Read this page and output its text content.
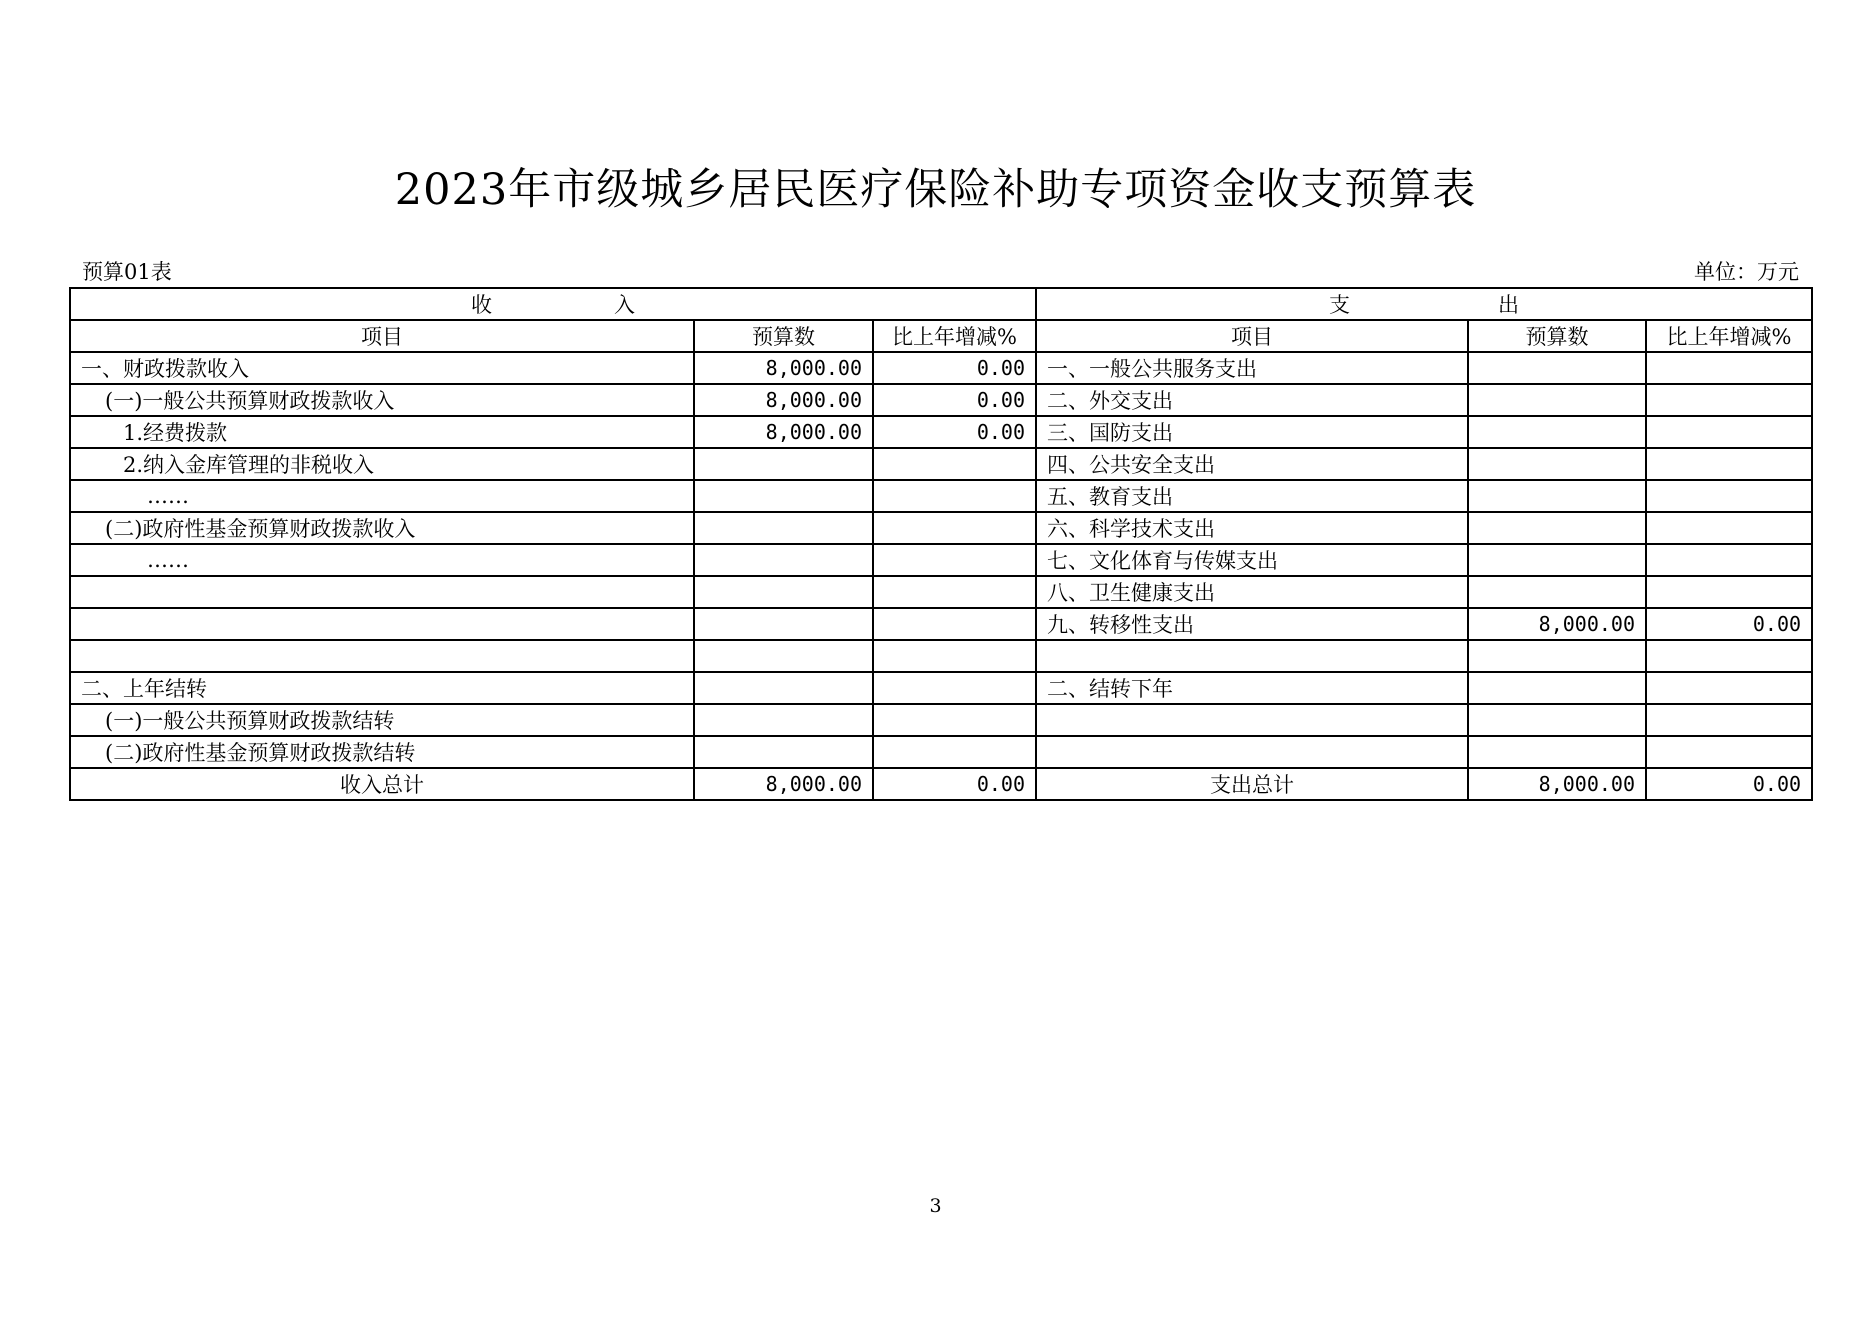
2023年市级城乡居民医疗保险补助专项资金收支预算表
预算01表	单位：万元
收 入			支 出		
项目	预算数	比上年增减%	项目	预算数	比上年增减%
一、财政拨款收入	8,000.00	0.00	一、一般公共服务支出		
(一)一般公共预算财政拨款收入	8,000.00	0.00	二、外交支出		
1.经费拨款	8,000.00	0.00	三、国防支出		
2.纳入金库管理的非税收入			四、公共安全支出		
……			五、教育支出		
(二)政府性基金预算财政拨款收入			六、科学技术支出		
……			七、文化体育与传媒支出		
			八、卫生健康支出		
			九、转移性支出	8,000.00	0.00

二、上年结转			二、结转下年		
(一)一般公共预算财政拨款结转					
(二)政府性基金预算财政拨款结转					
收入总计	8,000.00	0.00	支出总计	8,000.00	0.00
3
